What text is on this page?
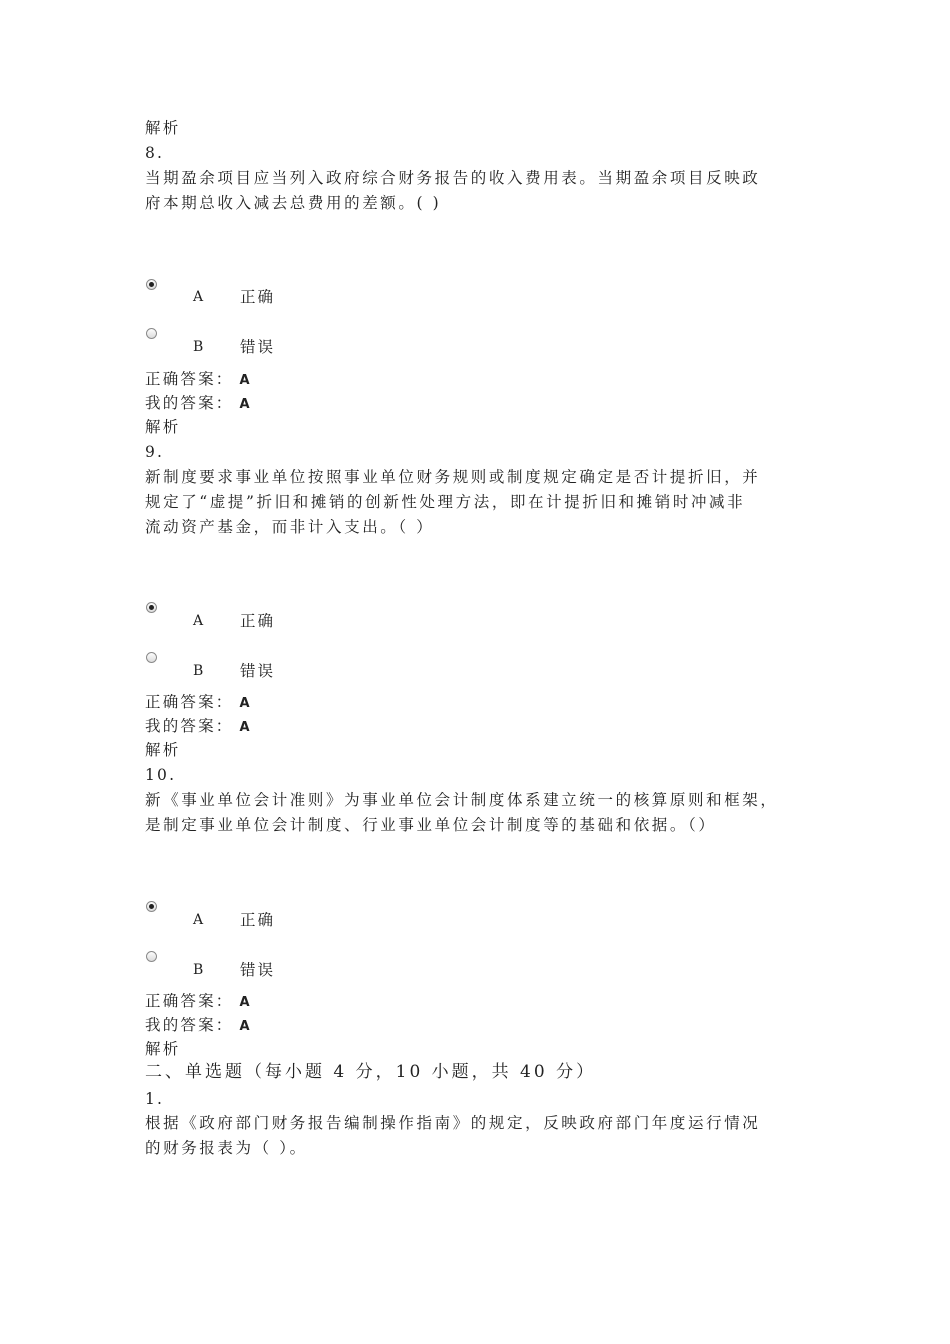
解析
8.
当期盈余项目应当列入政府综合财务报告的收入费用表。当期盈余项目反映政
府本期总收入减去总费用的差额。( )
A 正确
B 错误
正确答案： A
我的答案： A
解析
9.
新制度要求事业单位按照事业单位财务规则或制度规定确定是否计提折旧，并
规定了“虚提”折旧和摊销的创新性处理方法，即在计提折旧和摊销时冲减非
流动资产基金，而非计入支出。（ ）
A 正确
B 错误
正确答案： A
我的答案： A
解析
10.
新《事业单位会计准则》为事业单位会计制度体系建立统一的核算原则和框架，
是制定事业单位会计制度、行业事业单位会计制度等的基础和依据。（）
A 正确
B 错误
正确答案： A
我的答案： A
解析
二、单选题（每小题 4 分，10 小题，共 40 分）
1.
根据《政府部门财务报告编制操作指南》的规定，反映政府部门年度运行情况
的财务报表为（ ）。
